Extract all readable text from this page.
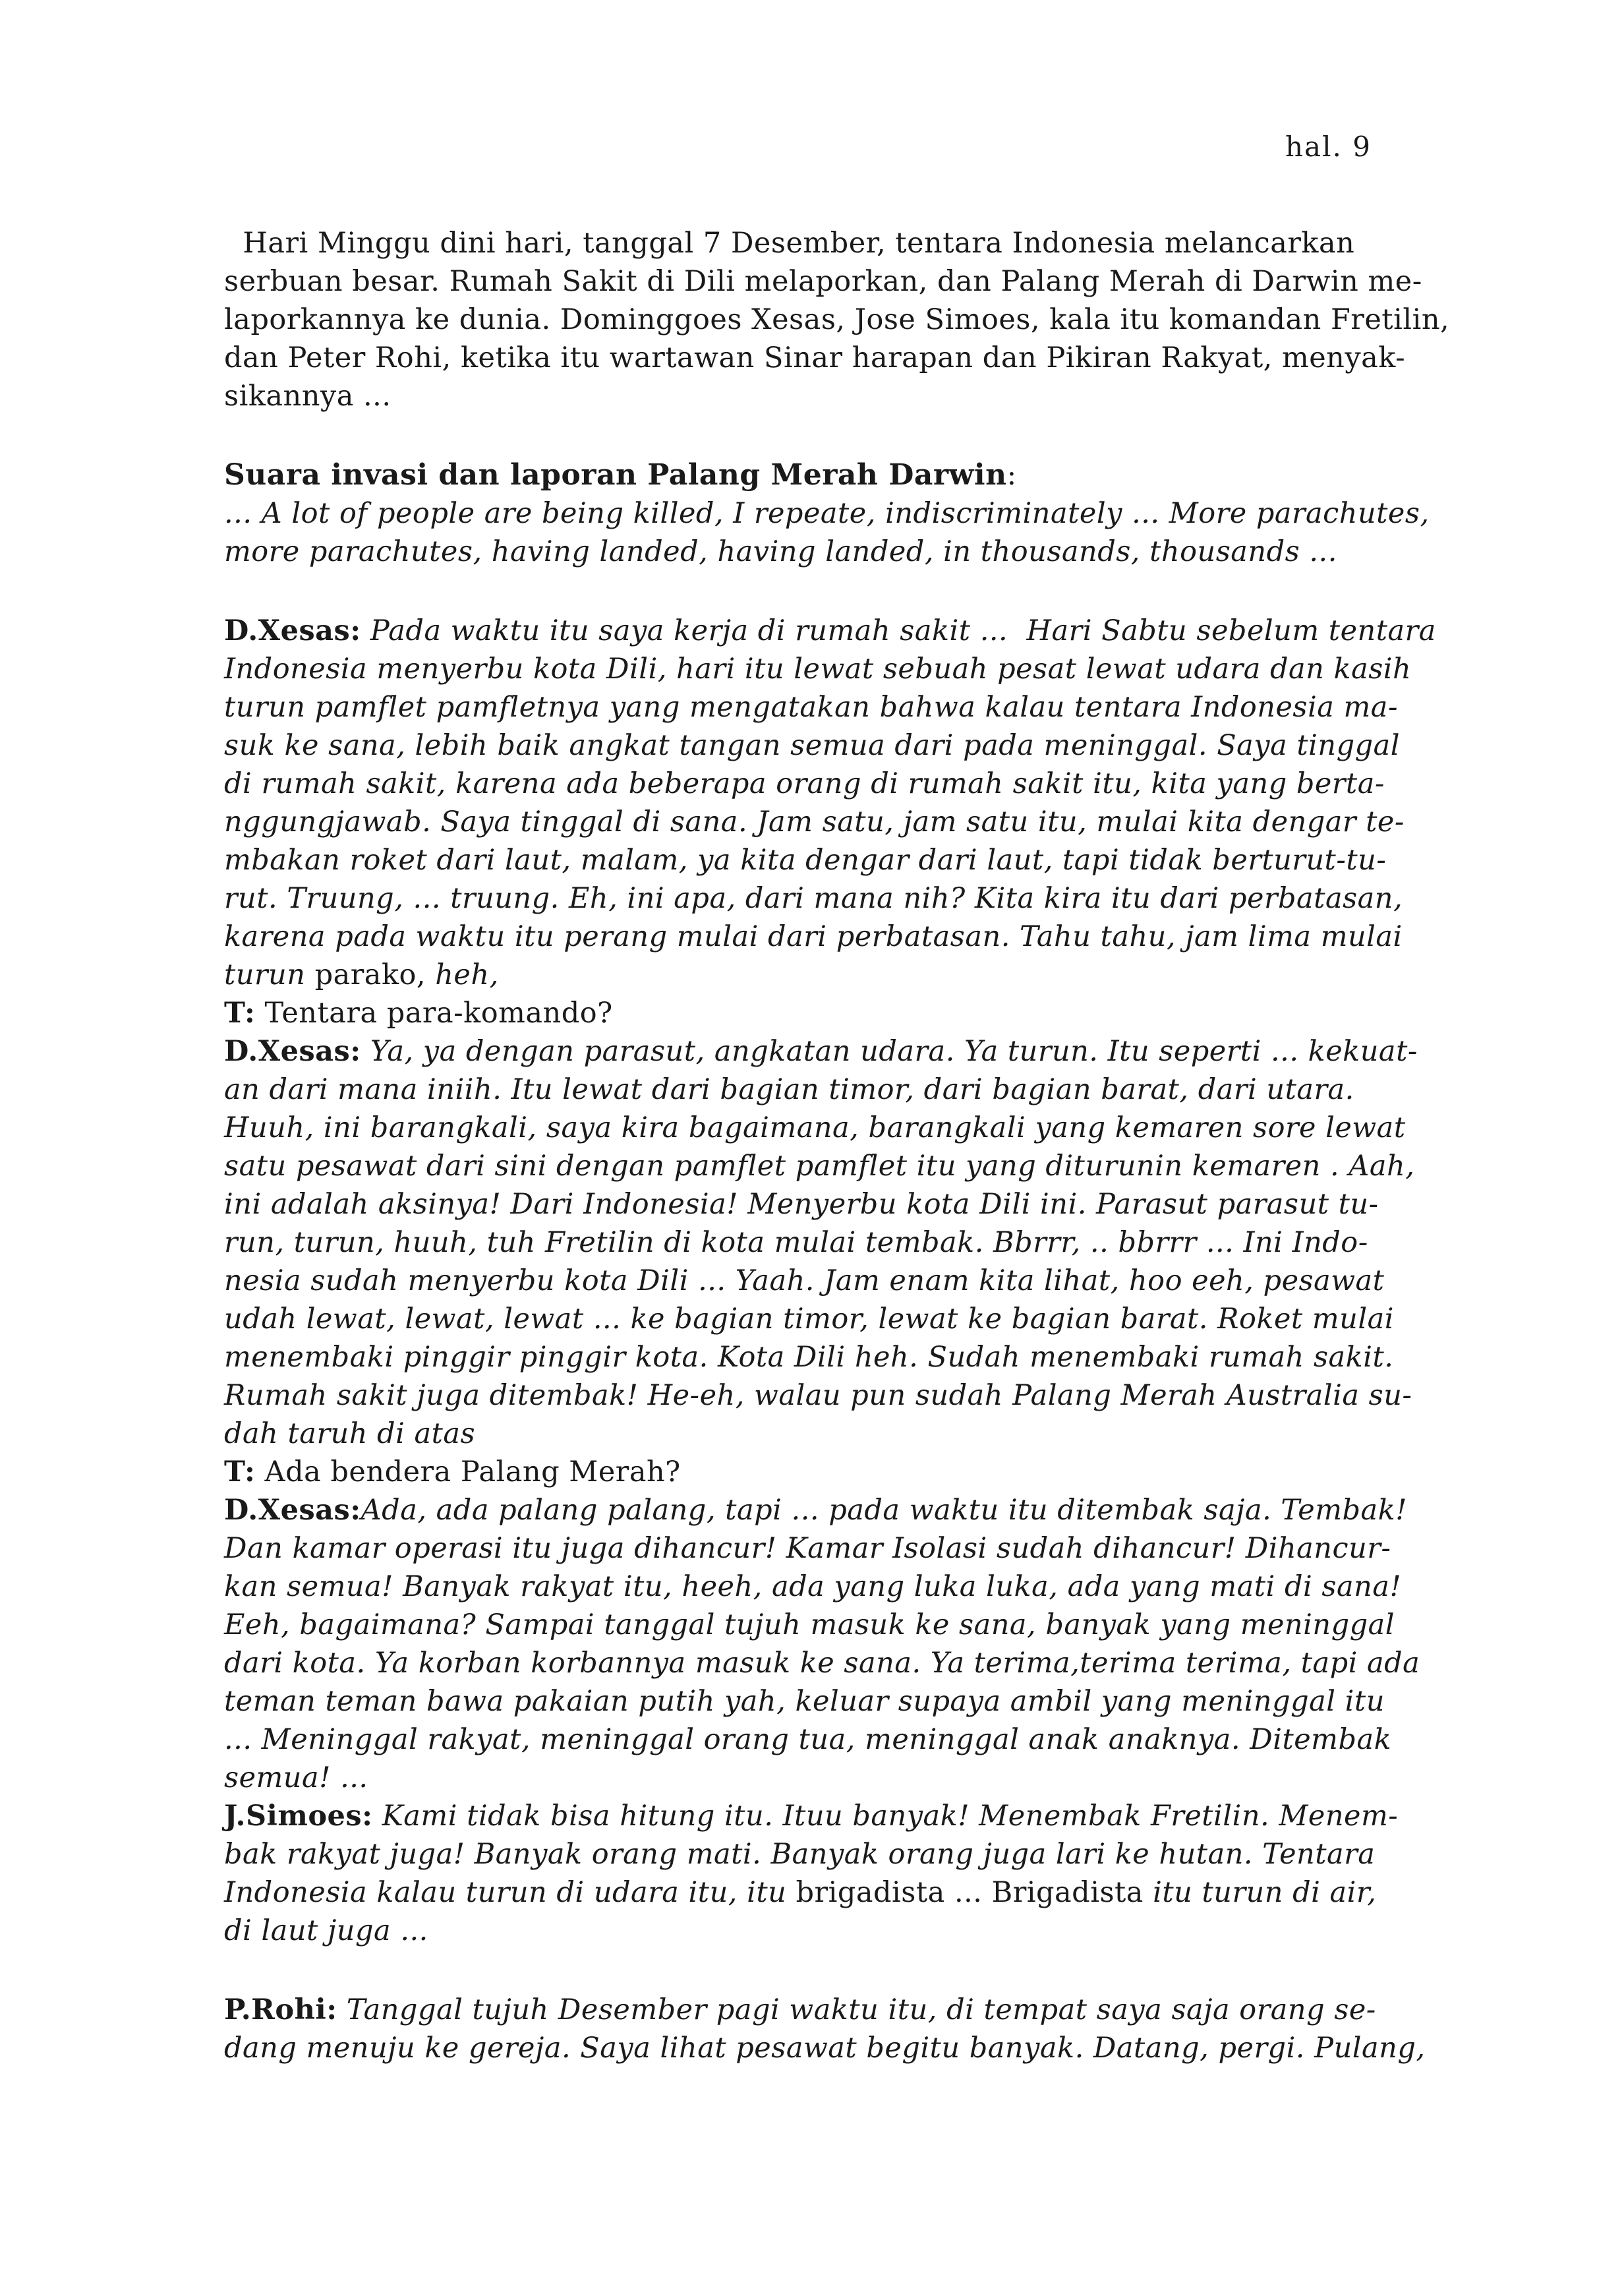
hal. 9
Hari Minggu dini hari, tanggal 7 Desember, tentara Indonesia melancarkan
serbuan besar. Rumah Sakit di Dili melaporkan, dan Palang Merah di Darwin me-
laporkannya ke dunia. Dominggoes Xesas, Jose Simoes, kala itu komandan Fretilin,
dan Peter Rohi, ketika itu wartawan Sinar harapan dan Pikiran Rakyat, menyak-
sikannya ...
Suara invasi dan laporan Palang Merah Darwin:
... A lot of people are being killed, I repeate, indiscriminately ... More parachutes,
more parachutes, having landed, having landed, in thousands, thousands ...
D.Xesas: Pada waktu itu saya kerja di rumah sakit ...  Hari Sabtu sebelum tentara
Indonesia menyerbu kota Dili, hari itu lewat sebuah pesat lewat udara dan kasih
turun pamflet pamfletnya yang mengatakan bahwa kalau tentara Indonesia ma-
suk ke sana, lebih baik angkat tangan semua dari pada meninggal. Saya tinggal
di rumah sakit, karena ada beberapa orang di rumah sakit itu, kita yang berta-
nggungjawab. Saya tinggal di sana. Jam satu, jam satu itu, mulai kita dengar te-
mbakan roket dari laut, malam, ya kita dengar dari laut, tapi tidak berturut-tu-
rut. Truung, ... truung. Eh, ini apa, dari mana nih? Kita kira itu dari perbatasan,
karena pada waktu itu perang mulai dari perbatasan. Tahu tahu, jam lima mulai
turun parako, heh,
T: Tentara para-komando?
D.Xesas: Ya, ya dengan parasut, angkatan udara. Ya turun. Itu seperti ... kekuat-
an dari mana iniih. Itu lewat dari bagian timor, dari bagian barat, dari utara.
Huuh, ini barangkali, saya kira bagaimana, barangkali yang kemaren sore lewat
satu pesawat dari sini dengan pamflet pamflet itu yang diturunin kemaren . Aah,
ini adalah aksinya! Dari Indonesia! Menyerbu kota Dili ini. Parasut parasut tu-
run, turun, huuh, tuh Fretilin di kota mulai tembak. Bbrrr, .. bbrrr ... Ini Indo-
nesia sudah menyerbu kota Dili ... Yaah. Jam enam kita lihat, hoo eeh, pesawat
udah lewat, lewat, lewat ... ke bagian timor, lewat ke bagian barat. Roket mulai
menembaki pinggir pinggir kota. Kota Dili heh. Sudah menembaki rumah sakit.
Rumah sakit juga ditembak! He-eh, walau pun sudah Palang Merah Australia su-
dah taruh di atas
T: Ada bendera Palang Merah?
D.Xesas:Ada, ada palang palang, tapi ... pada waktu itu ditembak saja. Tembak!
Dan kamar operasi itu juga dihancur! Kamar Isolasi sudah dihancur! Dihancur-
kan semua! Banyak rakyat itu, heeh, ada yang luka luka, ada yang mati di sana!
Eeh, bagaimana? Sampai tanggal tujuh masuk ke sana, banyak yang meninggal
dari kota. Ya korban korbannya masuk ke sana. Ya terima,terima terima, tapi ada
teman teman bawa pakaian putih yah, keluar supaya ambil yang meninggal itu
... Meninggal rakyat, meninggal orang tua, meninggal anak anaknya. Ditembak
semua! ...
J.Simoes: Kami tidak bisa hitung itu. Ituu banyak! Menembak Fretilin. Menem-
bak rakyat juga! Banyak orang mati. Banyak orang juga lari ke hutan. Tentara
Indonesia kalau turun di udara itu, itu brigadista ... Brigadista itu turun di air,
di laut juga ...
P.Rohi: Tanggal tujuh Desember pagi waktu itu, di tempat saya saja orang se-
dang menuju ke gereja. Saya lihat pesawat begitu banyak. Datang, pergi. Pulang,
